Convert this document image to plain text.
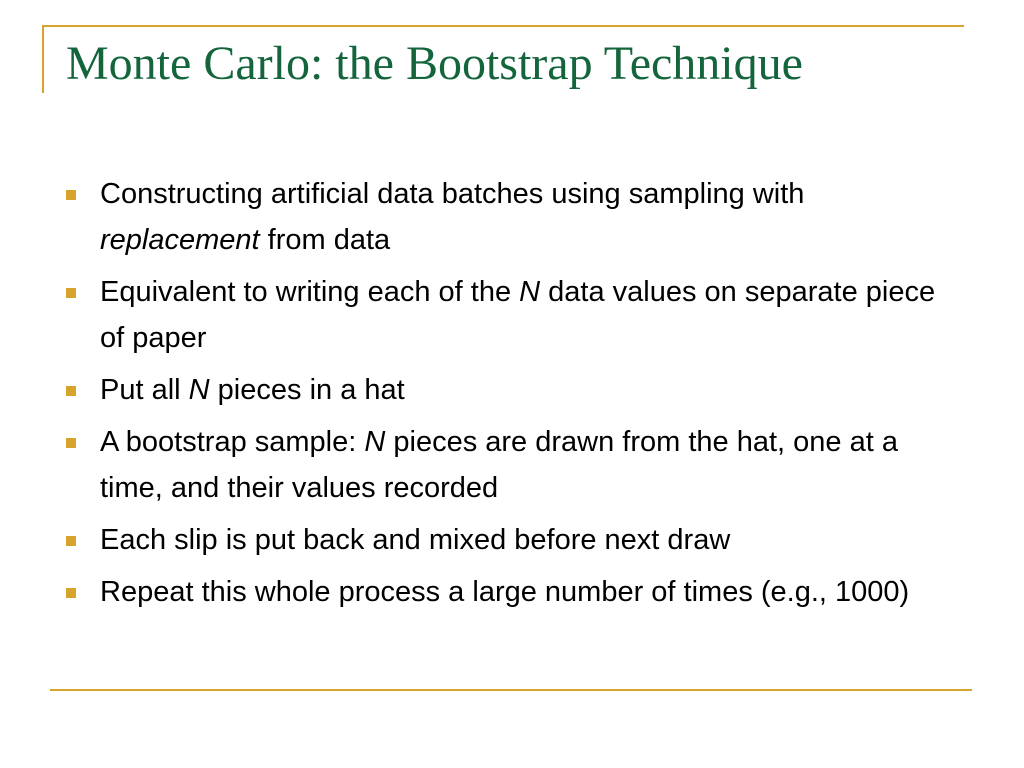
Monte Carlo: the Bootstrap Technique
Constructing artificial data batches using sampling with replacement from data
Equivalent to writing each of the N data values on separate piece of paper
Put all N pieces in a hat
A bootstrap sample: N pieces are drawn from the hat, one at a time, and their values recorded
Each slip is put back and mixed before next draw
Repeat this whole process a large number of times (e.g., 1000)
